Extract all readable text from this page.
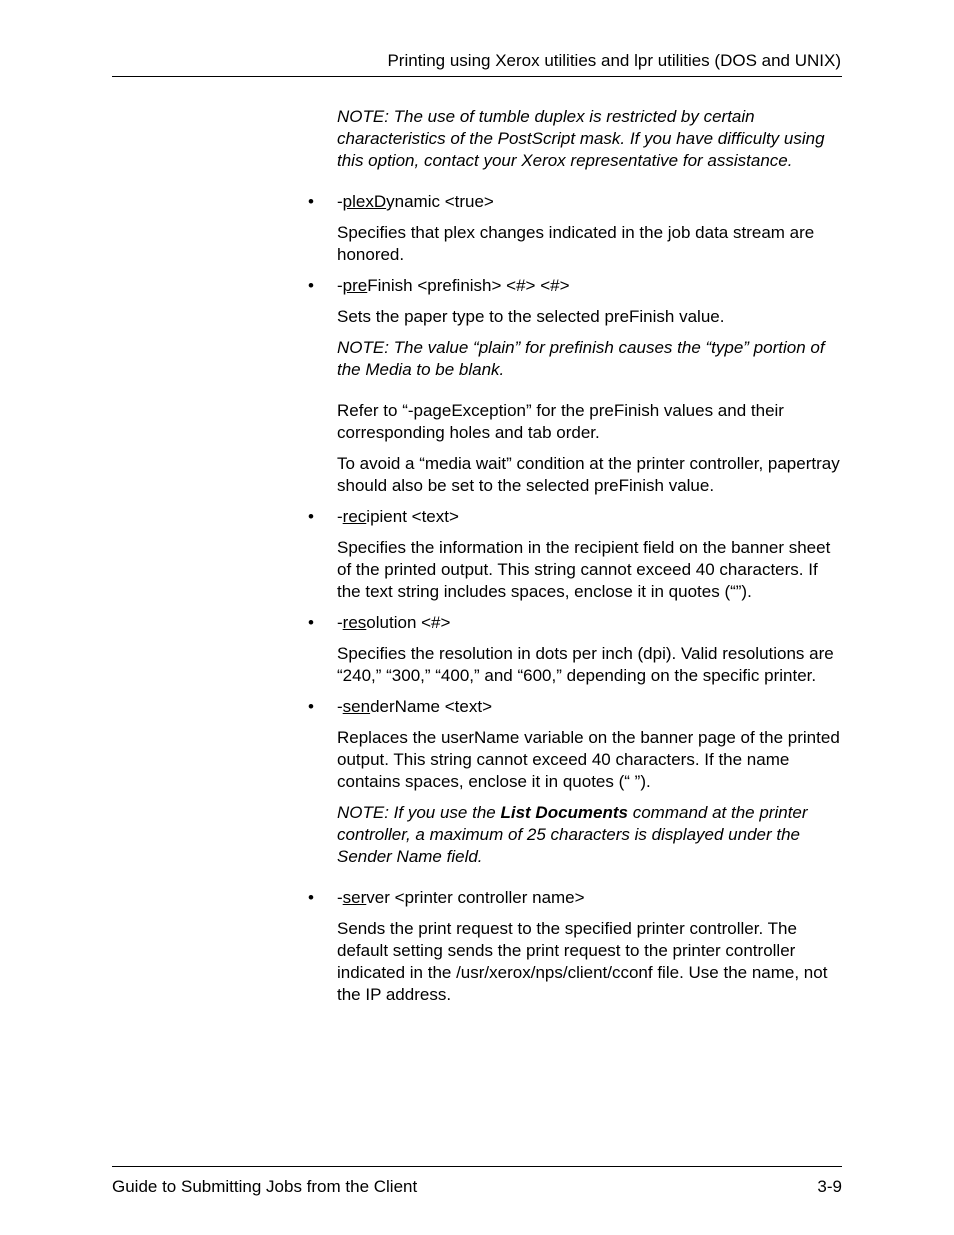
Printing using Xerox utilities and lpr utilities (DOS and UNIX)

NOTE: The use of tumble duplex is restricted by certain characteristics of the PostScript mask. If you have difficulty using this option, contact your Xerox representative for assistance.

• -plexDynamic <true>

Specifies that plex changes indicated in the job data stream are honored.

• -preFinish <prefinish> <#> <#>

Sets the paper type to the selected preFinish value.

NOTE: The value “plain” for prefinish causes the “type” portion of the Media to be blank.

Refer to “-pageException” for the preFinish values and their corresponding holes and tab order.

To avoid a “media wait” condition at the printer controller, papertray should also be set to the selected preFinish value.

• -recipient <text>

Specifies the information in the recipient field on the banner sheet of the printed output. This string cannot exceed 40 characters. If the text string includes spaces, enclose it in quotes (“”).

• -resolution <#>

Specifies the resolution in dots per inch (dpi). Valid resolutions are “240,” “300,” “400,” and “600,” depending on the specific printer.

• -senderName <text>

Replaces the userName variable on the banner page of the printed output. This string cannot exceed 40 characters. If the name contains spaces, enclose it in quotes (“ ”).

NOTE: If you use the List Documents command at the printer controller, a maximum of 25 characters is displayed under the Sender Name field.

• -server <printer controller name>

Sends the print request to the specified printer controller. The default setting sends the print request to the printer controller indicated in the /usr/xerox/nps/client/cconf file. Use the name, not the IP address.

Guide to Submitting Jobs from the Client	3-9
